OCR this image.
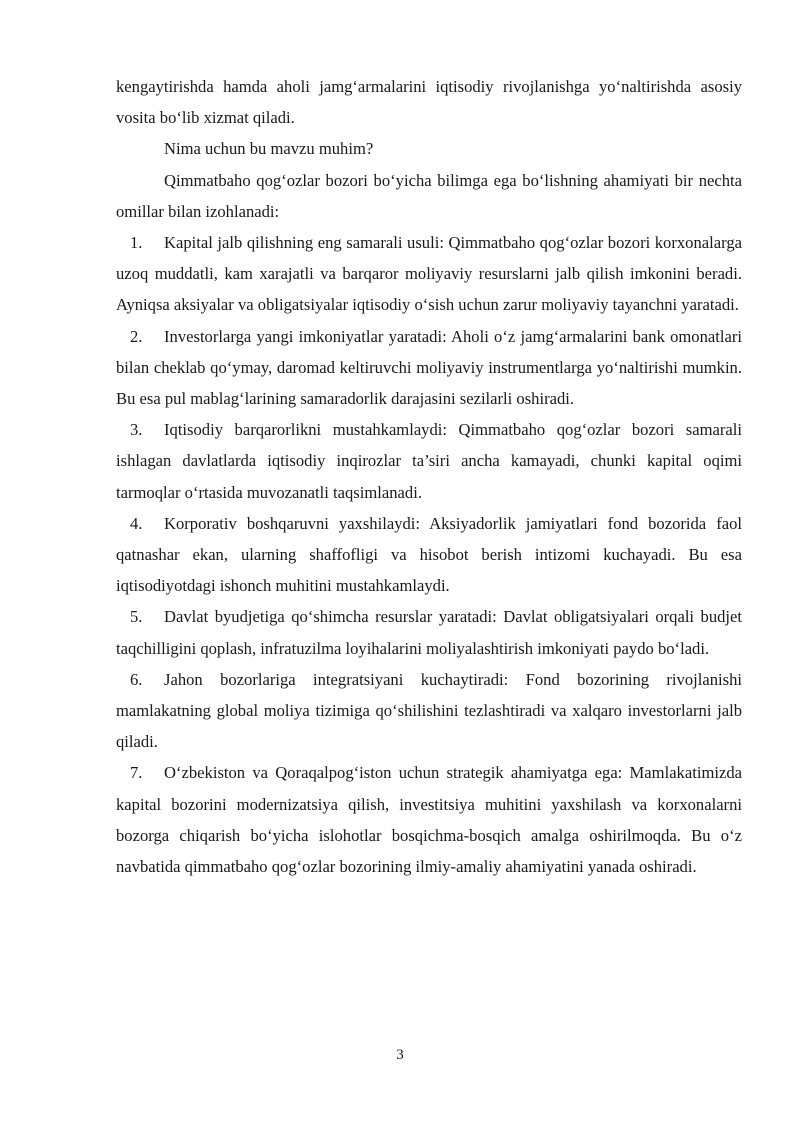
kengaytirishda hamda aholi jamg‘armalarini iqtisodiy rivojlanishga yo‘naltirishda asosiy vosita bo‘lib xizmat qiladi.

Nima uchun bu mavzu muhim?

Qimmatbaho qog‘ozlar bozori bo‘yicha bilimga ega bo‘lishning ahamiyati bir nechta omillar bilan izohlanadi:

1. Kapital jalb qilishning eng samarali usuli: Qimmatbaho qog‘ozlar bozori korxonalarga uzoq muddatli, kam xarajatli va barqaror moliyaviy resurslarni jalb qilish imkonini beradi. Ayniqsa aksiyalar va obligatsiyalar iqtisodiy o‘sish uchun zarur moliyaviy tayanchni yaratadi.

2. Investorlarga yangi imkoniyatlar yaratadi: Aholi o‘z jamg‘armalarini bank omonatlari bilan cheklab qo‘ymay, daromad keltiruvchi moliyaviy instrumentlarga yo‘naltirishi mumkin. Bu esa pul mablag‘larining samaradorlik darajasini sezilarli oshiradi.

3. Iqtisodiy barqarorlikni mustahkamlaydi: Qimmatbaho qog‘ozlar bozori samarali ishlagan davlatlarda iqtisodiy inqirozlar ta’siri ancha kamayadi, chunki kapital oqimi tarmoqlar o‘rtasida muvozanatli taqsimlanadi.

4. Korporativ boshqaruvni yaxshilaydi: Aksiyadorlik jamiyatlari fond bozorida faol qatnashar ekan, ularning shaffofligi va hisobot berish intizomi kuchayadi. Bu esa iqtisodiyotdagi ishonch muhitini mustahkamlaydi.

5. Davlat byudjetiga qo‘shimcha resurslar yaratadi: Davlat obligatsiyalari orqali budjet taqchilligini qoplash, infratuzilma loyihalarini moliyalashtirish imkoniyati paydo bo‘ladi.

6. Jahon bozorlariga integratsiyani kuchaytiradi: Fond bozorining rivojlanishi mamlakatning global moliya tizimiga qo‘shilishini tezlashtiradi va xalqaro investorlarni jalb qiladi.

7. O‘zbekiston va Qoraqalpog‘iston uchun strategik ahamiyatga ega: Mamlakatimizda kapital bozorini modernizatsiya qilish, investitsiya muhitini yaxshilash va korxonalarni bozorga chiqarish bo‘yicha islohotlar bosqichma-bosqich amalga oshirilmoqda. Bu o‘z navbatida qimmatbaho qog‘ozlar bozorining ilmiy-amaliy ahamiyatini yanada oshiradi.

3
